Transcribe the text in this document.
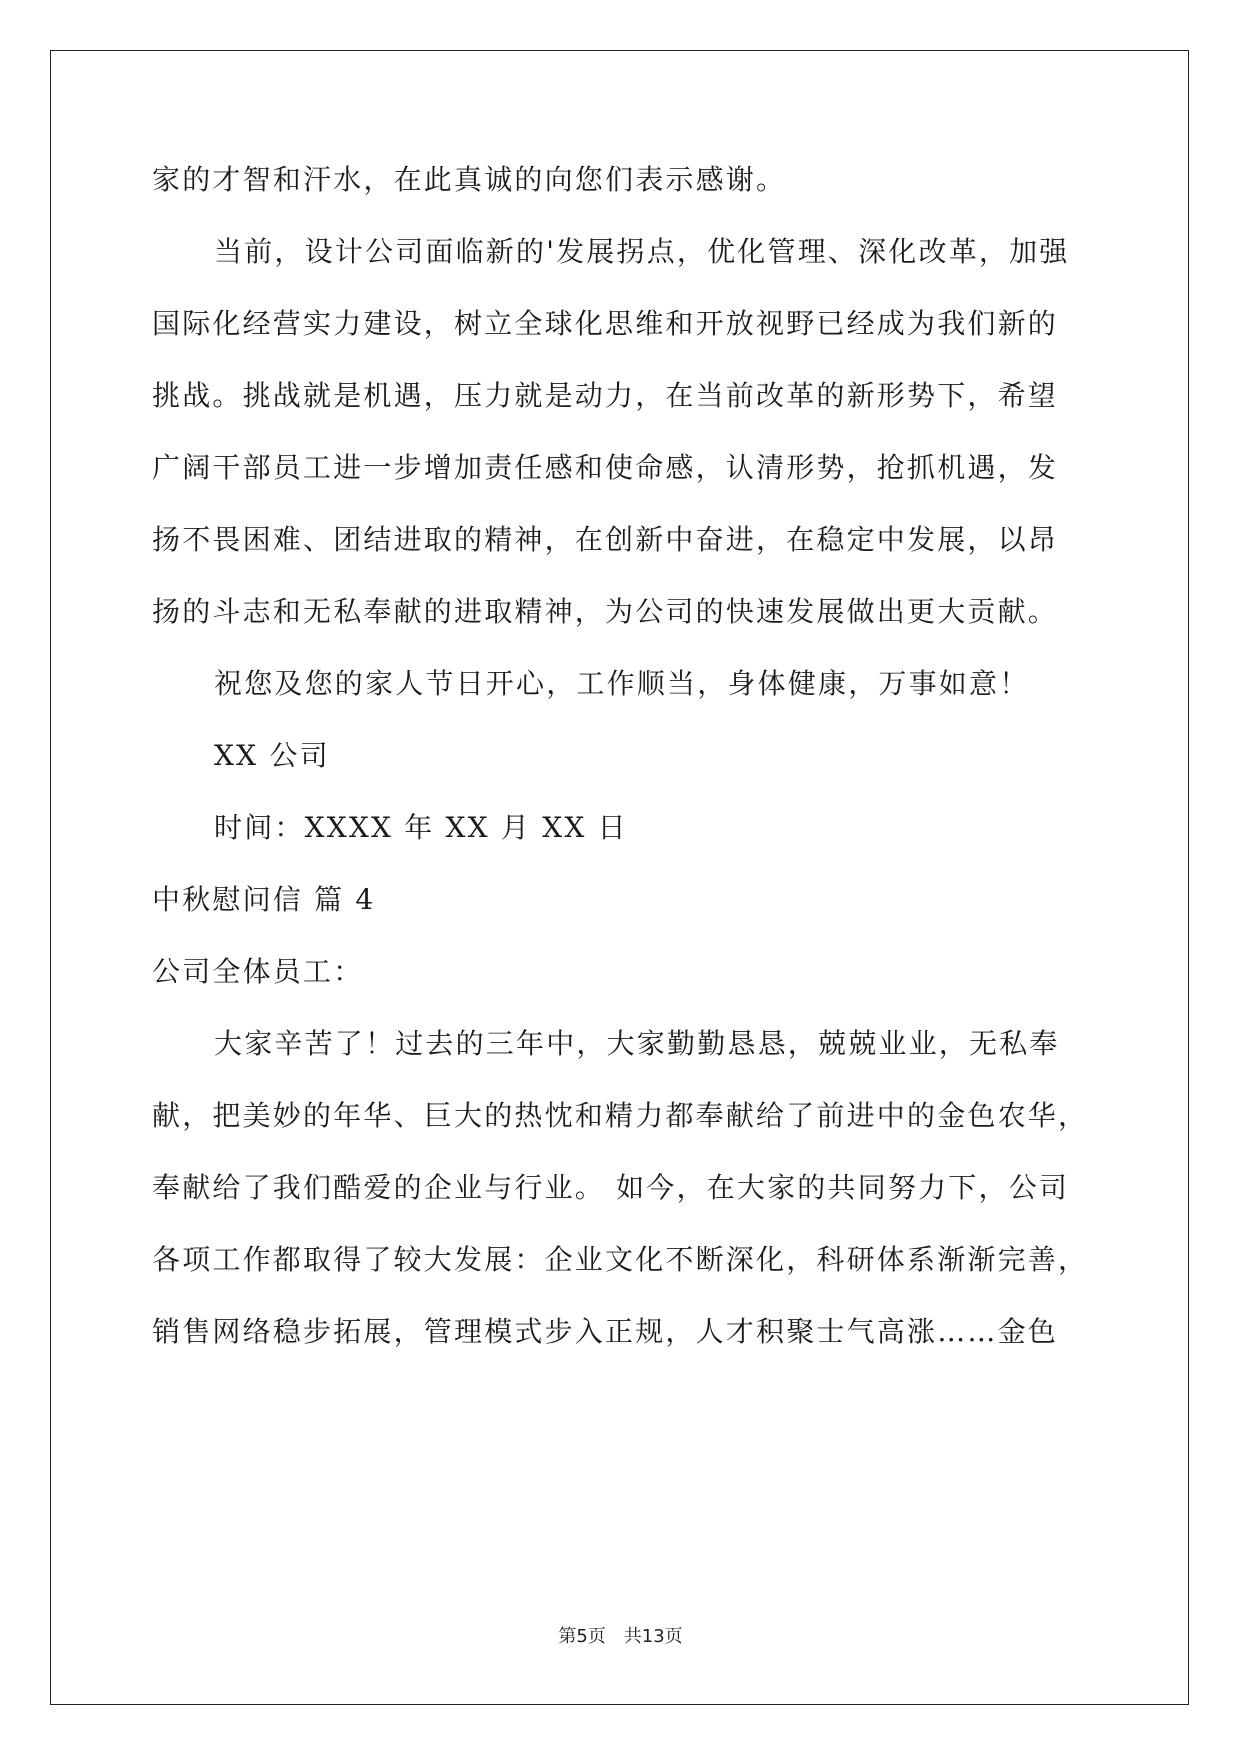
家的才智和汗水，在此真诚的向您们表示感谢。
当前，设计公司面临新的'发展拐点，优化管理、深化改革，加强
国际化经营实力建设，树立全球化思维和开放视野已经成为我们新的
挑战。挑战就是机遇，压力就是动力，在当前改革的新形势下，希望
广阔干部员工进一步增加责任感和使命感，认清形势，抢抓机遇，发
扬不畏困难、团结进取的精神，在创新中奋进，在稳定中发展，以昂
扬的斗志和无私奉献的进取精神，为公司的快速发展做出更大贡献。
祝您及您的家人节日开心，工作顺当，身体健康，万事如意！
XX 公司
时间：XXXX 年 XX 月 XX 日
中秋慰问信 篇 4
公司全体员工：
大家辛苦了！过去的三年中，大家勤勤恳恳，兢兢业业，无私奉
献，把美妙的年华、巨大的热忱和精力都奉献给了前进中的金色农华，
奉献给了我们酷爱的企业与行业。 如今，在大家的共同努力下，公司
各项工作都取得了较大发展：企业文化不断深化，科研体系渐渐完善，
销售网络稳步拓展，管理模式步入正规，人才积聚士气高涨……金色
第5页 共13页
